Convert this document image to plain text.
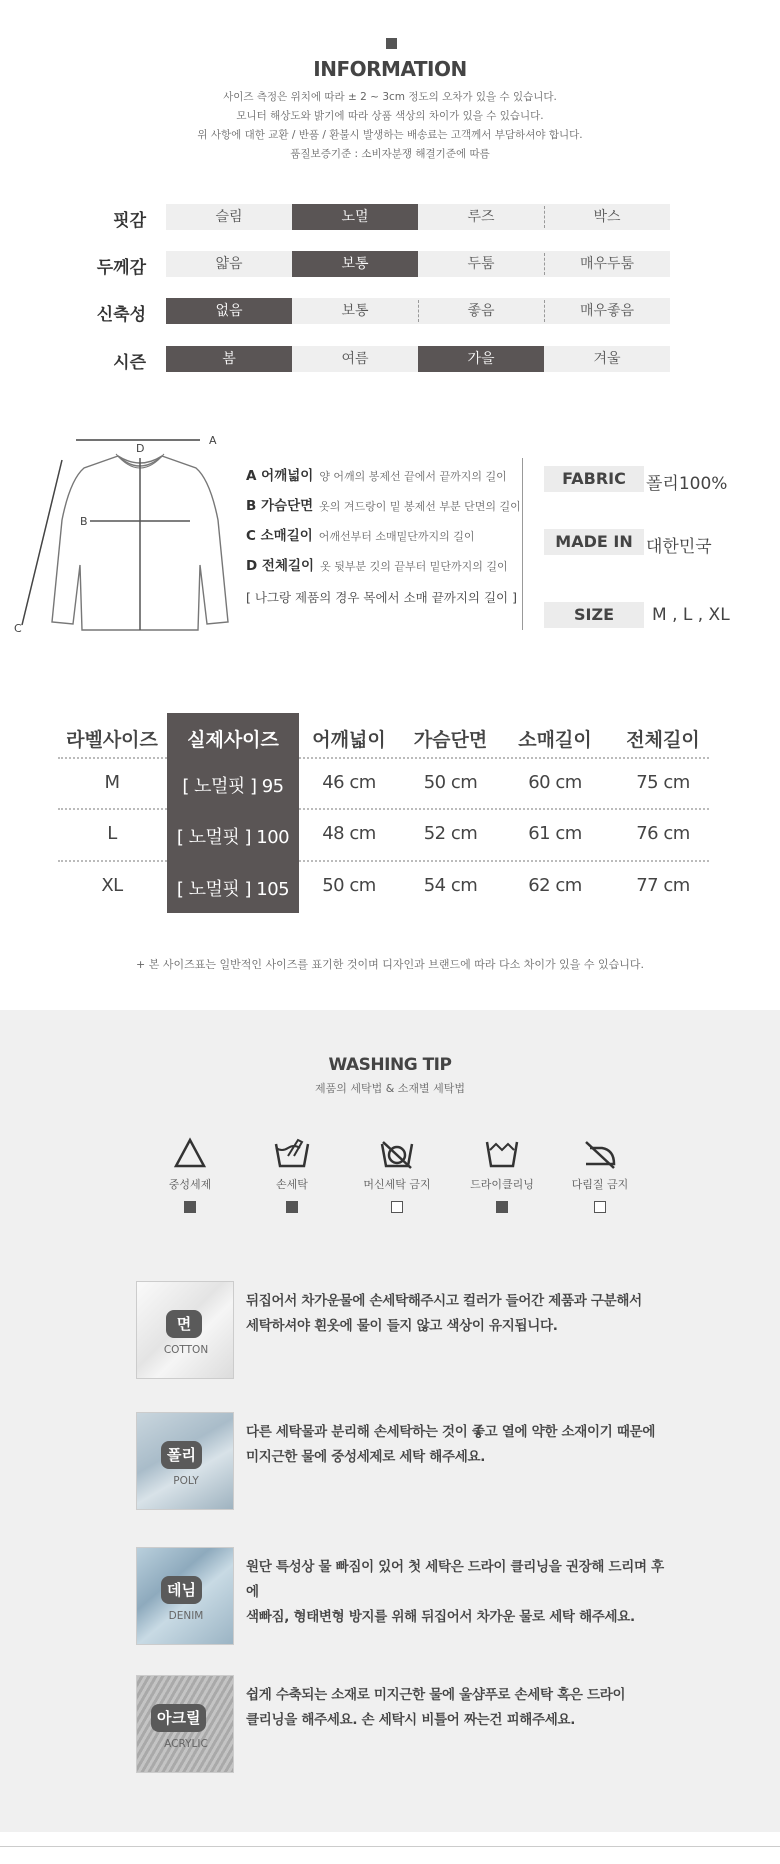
INFORMATION
사이즈 측정은 위치에 따라 ± 2 ~ 3cm 정도의 오차가 있을 수 있습니다.
모니터 해상도와 밝기에 따라 상품 색상의 차이가 있을 수 있습니다.
위 사항에 대한 교환 / 반품 / 환불시 발생하는 배송료는 고객께서 부담하셔야 합니다.
품질보증기준 : 소비자분쟁 해결기준에 따름
핏감	슬림	노멀	루즈	박스
두께감	얇음	보통	두툼	매우두툼
신축성	없음	보통	좋음	매우좋음
시즌	봄	여름	가을	겨울
A
D
B
C
A 어깨넓이 양 어깨의 봉제선 끝에서 끝까지의 길이
B 가슴단면 옷의 겨드랑이 밑 봉제선 부분 단면의 길이
C 소매길이 어깨선부터 소매밑단까지의 길이
D 전체길이 옷 뒷부분 깃의 끝부터 밑단까지의 길이
[ 나그랑 제품의 경우 목에서 소매 끝까지의 길이 ]
FABRIC	폴리100%
MADE IN 대한민국
SIZE	M , L , XL
라벨사이즈	실제사이즈	어깨넓이	가슴단면	소매길이	전체길이
M	[ 노멀핏 ] 95	46 cm	50 cm	60 cm	75 cm
L	[ 노멀핏 ] 100	48 cm	52 cm	61 cm	76 cm
XL	[ 노멀핏 ] 105	50 cm	54 cm	62 cm	77 cm
+ 본 사이즈표는 일반적인 사이즈를 표기한 것이며 디자인과 브랜드에 따라 다소 차이가 있을 수 있습니다.
WASHING TIP
제품의 세탁법 & 소재별 세탁법
중성세제	손세탁	머신세탁 금지	드라이클리닝	다림질 금지
면
COTTON
뒤집어서 차가운물에 손세탁해주시고 컬러가 들어간 제품과 구분해서
세탁하셔야 흰옷에 물이 들지 않고 색상이 유지됩니다.
폴리
POLY
다른 세탁물과 분리해 손세탁하는 것이 좋고 열에 약한 소재이기 때문에
미지근한 물에 중성세제로 세탁 해주세요.
데님
DENIM
원단 특성상 물 빠짐이 있어 첫 세탁은 드라이 클리닝을 권장해 드리며 후에
색빠짐, 형태변형 방지를 위해 뒤집어서 차가운 물로 세탁 해주세요.
아크릴
ACRYLIC
쉽게 수축되는 소재로 미지근한 물에 울샴푸로 손세탁 혹은 드라이
클리닝을 해주세요. 손 세탁시 비틀어 짜는건 피해주세요.
